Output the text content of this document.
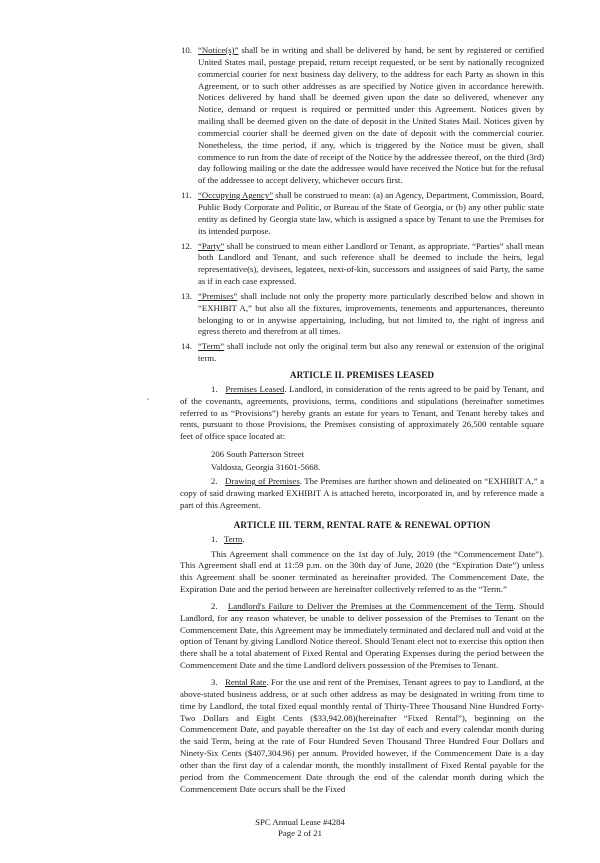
10. “Notice(s)” shall be in writing and shall be delivered by hand, be sent by registered or certified United States mail, postage prepaid, return receipt requested, or be sent by nationally recognized commercial courier for next business day delivery, to the address for each Party as shown in this Agreement, or to such other addresses as are specified by Notice given in accordance herewith. Notices delivered by hand shall be deemed given upon the date so delivered, whenever any Notice, demand or request is required or permitted under this Agreement. Notices given by mailing shall be deemed given on the date of deposit in the United States Mail. Notices given by commercial courier shall be deemed given on the date of deposit with the commercial courier. Nonetheless, the time period, if any, which is triggered by the Notice must be given, shall commence to run from the date of receipt of the Notice by the addressee thereof, on the third (3rd) day following mailing or the date the addressee would have received the Notice but for the refusal of the addressee to accept delivery, whichever occurs first.
11. “Occupying Agency” shall be construed to mean: (a) an Agency, Department, Commission, Board, Public Body Corporate and Politic, or Bureau of the State of Georgia, or (b) any other public state entity as defined by Georgia state law, which is assigned a space by Tenant to use the Premises for its intended purpose.
12. “Party” shall be construed to mean either Landlord or Tenant, as appropriate. “Parties” shall mean both Landlord and Tenant, and such reference shall be deemed to include the heirs, legal representative(s), devisees, legatees, next-of-kin, successors and assignees of said Party, the same as if in each case expressed.
13. “Premises” shall include not only the property more particularly described below and shown in “EXHIBIT A,” but also all the fixtures, improvements, tenements and appurtenances, thereunto belonging to or in anywise appertaining, including, but not limited to, the right of ingress and egress thereto and therefrom at all times.
14. “Term” shall include not only the original term but also any renewal or extension of the original term.
ARTICLE II. PREMISES LEASED
1. Premises Leased. Landlord, in consideration of the rents agreed to be paid by Tenant, and of the covenants, agreements, provisions, terms, conditions and stipulations (hereinafter sometimes referred to as “Provisions”) hereby grants an estate for years to Tenant, and Tenant hereby takes and rents, pursuant to those Provisions, the Premises consisting of approximately 26,500 rentable square feet of office space located at:
206 South Patterson Street
Valdosta, Georgia 31601-5668.
2. Drawing of Premises. The Premises are further shown and delineated on “EXHIBIT A,” a copy of said drawing marked EXHIBIT A is attached hereto, incorporated in, and by reference made a part of this Agreement.
ARTICLE III. TERM, RENTAL RATE & RENEWAL OPTION
1. Term.
This Agreement shall commence on the 1st day of July, 2019 (the “Commencement Date”). This Agreement shall end at 11:59 p.m. on the 30th day of June, 2020 (the “Expiration Date”) unless this Agreement shall be sooner terminated as hereinafter provided. The Commencement Date, the Expiration Date and the period between are hereinafter collectively referred to as the “Term.”
2. Landlord's Failure to Deliver the Premises at the Commencement of the Term. Should Landlord, for any reason whatever, be unable to deliver possession of the Premises to Tenant on the Commencement Date, this Agreement may be immediately terminated and declared null and void at the option of Tenant by giving Landlord Notice thereof. Should Tenant elect not to exercise this option then there shall be a total abatement of Fixed Rental and Operating Expenses during the period between the Commencement Date and the time Landlord delivers possession of the Premises to Tenant.
3. Rental Rate. For the use and rent of the Premises, Tenant agrees to pay to Landlord, at the above-stated business address, or at such other address as may be designated in writing from time to time by Landlord, the total fixed equal monthly rental of Thirty-Three Thousand Nine Hundred Forty-Two Dollars and Eight Cents ($33,942.08)(hereinafter “Fixed Rental”), beginning on the Commencement Date, and payable thereafter on the 1st day of each and every calendar month during the said Term, being at the rate of Four Hundred Seven Thousand Three Hundred Four Dollars and Ninety-Six Cents ($407,304.96) per annum. Provided however, if the Commencement Date is a day other than the first day of a calendar month, the monthly installment of Fixed Rental payable for the period from the Commencement Date through the end of the calendar month during which the Commencement Date occurs shall be the Fixed
SPC Annual Lease #4284
Page 2 of 21
